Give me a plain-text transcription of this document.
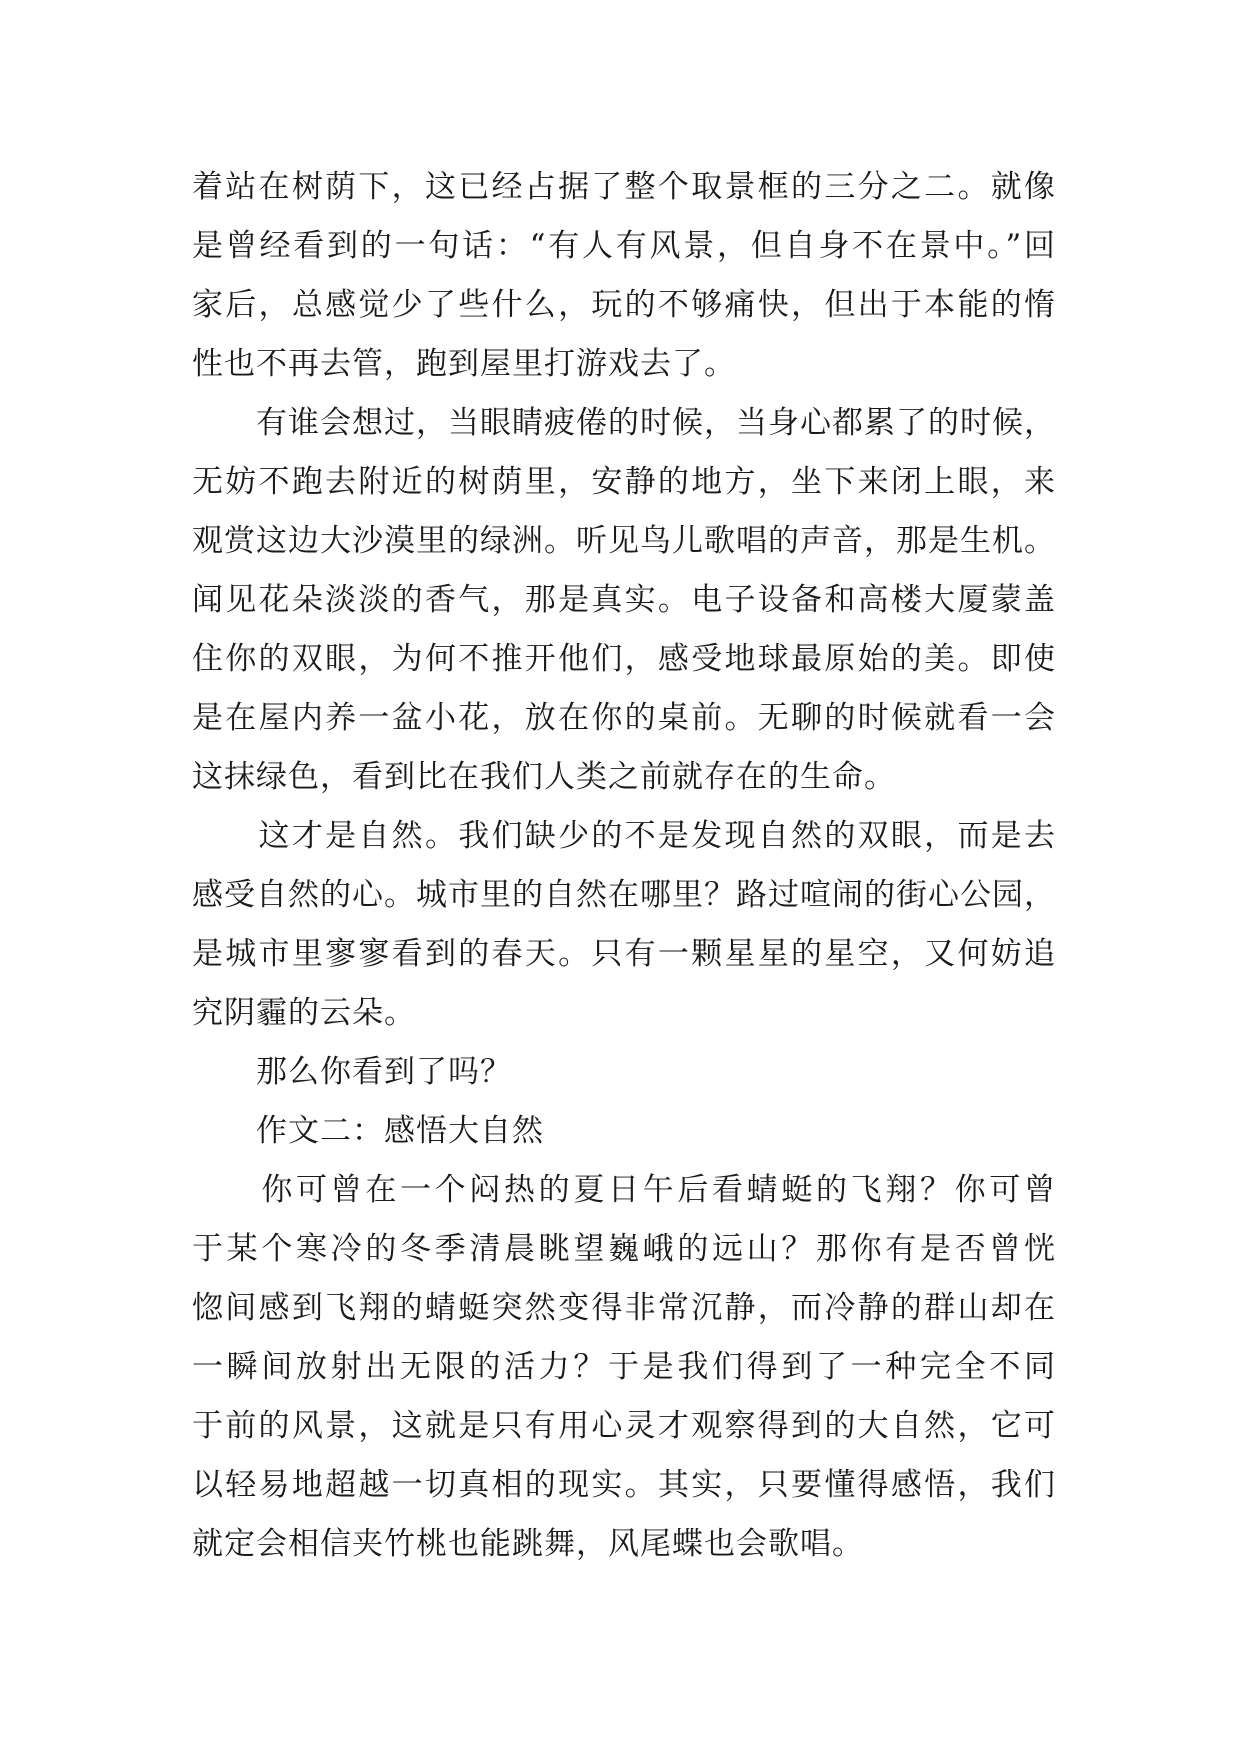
着站在树荫下，这已经占据了整个取景框的三分之二。就像
是曾经看到的一句话：“有人有风景，但自身不在景中。”回
家后，总感觉少了些什么，玩的不够痛快，但出于本能的惰
性也不再去管，跑到屋里打游戏去了。
　　有谁会想过，当眼睛疲倦的时候，当身心都累了的时候，
无妨不跑去附近的树荫里，安静的地方，坐下来闭上眼，来
观赏这边大沙漠里的绿洲。听见鸟儿歌唱的声音，那是生机。
闻见花朵淡淡的香气，那是真实。电子设备和高楼大厦蒙盖
住你的双眼，为何不推开他们，感受地球最原始的美。即使
是在屋内养一盆小花，放在你的桌前。无聊的时候就看一会
这抹绿色，看到比在我们人类之前就存在的生命。
　　这才是自然。我们缺少的不是发现自然的双眼，而是去
感受自然的心。城市里的自然在哪里？路过喧闹的街心公园，
是城市里寥寥看到的春天。只有一颗星星的星空，又何妨追
究阴霾的云朵。
　　那么你看到了吗？
　　作文二：感悟大自然
　　你可曾在一个闷热的夏日午后看蜻蜓的飞翔？你可曾
于某个寒冷的冬季清晨眺望巍峨的远山？那你有是否曾恍
惚间感到飞翔的蜻蜓突然变得非常沉静，而冷静的群山却在
一瞬间放射出无限的活力？于是我们得到了一种完全不同
于前的风景，这就是只有用心灵才观察得到的大自然，它可
以轻易地超越一切真相的现实。其实，只要懂得感悟，我们
就定会相信夹竹桃也能跳舞，风尾蝶也会歌唱。
